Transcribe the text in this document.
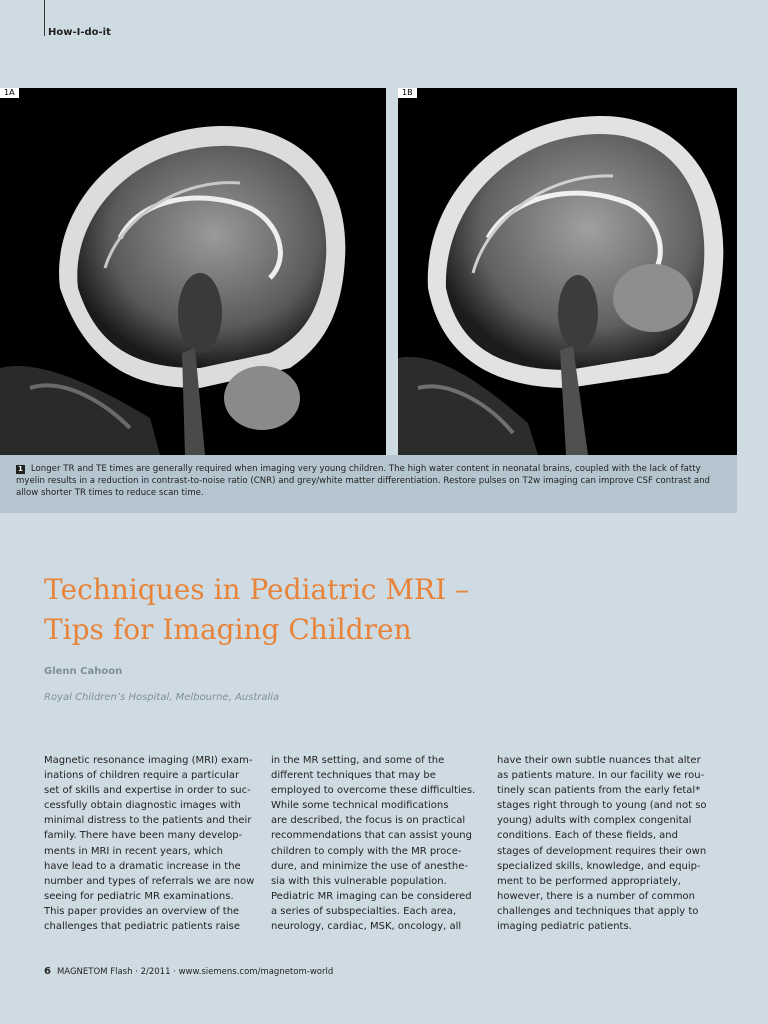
How-I-do-it
1A	1B
1 Longer TR and TE times are generally required when imaging very young children. The high water content in neonatal brains, coupled with the lack of fatty myelin results in a reduction in contrast-to-noise ratio (CNR) and grey/white matter differentiation. Restore pulses on T2w imaging can improve CSF contrast and allow shorter TR times to reduce scan time.
Techniques in Pediatric MRI –
Tips for Imaging Children
Glenn Cahoon
Royal Children’s Hospital, Melbourne, Australia
Magnetic resonance imaging (MRI) exam-
inations of children require a particular
set of skills and expertise in order to suc-
cessfully obtain diagnostic images with
minimal distress to the patients and their
family. There have been many develop-
ments in MRI in recent years, which
have lead to a dramatic increase in the
number and types of referrals we are now
seeing for pediatric MR examinations.
This paper provides an overview of the
challenges that pediatric patients raise
in the MR setting, and some of the
different techniques that may be
employed to overcome these difficulties.
While some technical modifications
are described, the focus is on practical
recommendations that can assist young
children to comply with the MR proce-
dure, and minimize the use of anesthe-
sia with this vulnerable population.
Pediatric MR imaging can be considered
a series of subspecialties. Each area,
neurology, cardiac, MSK, oncology, all
have their own subtle nuances that alter
as patients mature. In our facility we rou-
tinely scan patients from the early fetal*
stages right through to young (and not so
young) adults with complex congenital
conditions. Each of these fields, and
stages of development requires their own
specialized skills, knowledge, and equip-
ment to be performed appropriately,
however, there is a number of common
challenges and techniques that apply to
imaging pediatric patients.
6 MAGNETOM Flash · 2/2011 · www.siemens.com/magnetom-world
